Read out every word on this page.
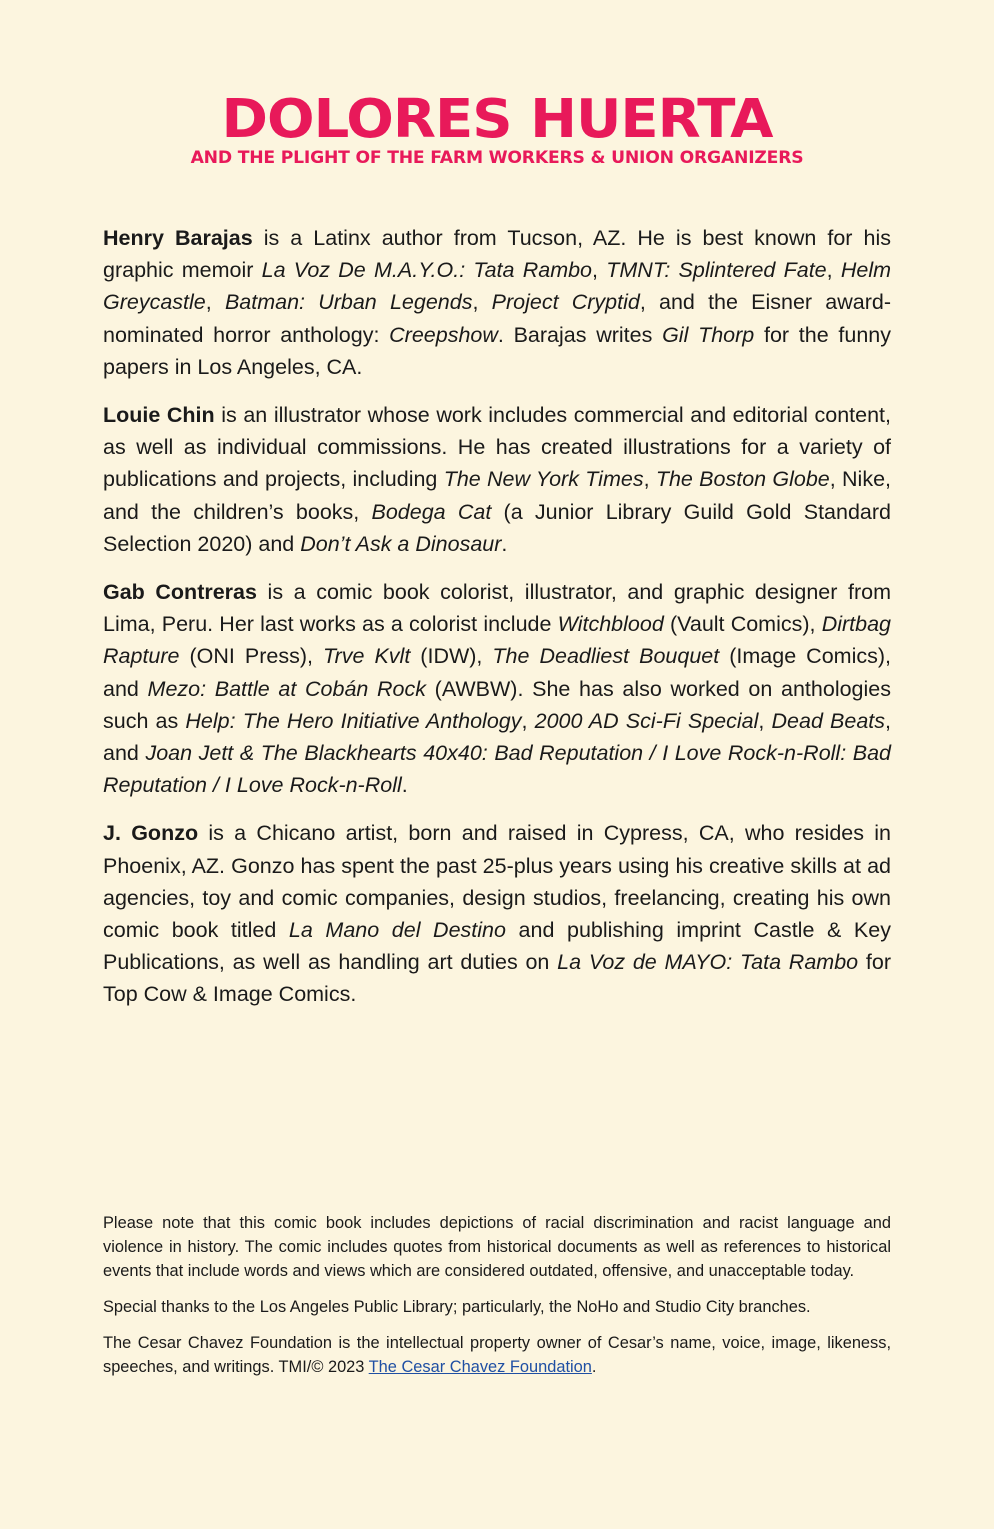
DOLORES HUERTA
AND THE PLIGHT OF THE FARM WORKERS & UNION ORGANIZERS

Henry Barajas is a Latinx author from Tucson, AZ. He is best known for his graphic memoir La Voz De M.A.Y.O.: Tata Rambo, TMNT: Splintered Fate, Helm Greycastle, Batman: Urban Legends, Project Cryptid, and the Eisner award-nominated horror anthology: Creepshow. Barajas writes Gil Thorp for the funny papers in Los Angeles, CA.

Louie Chin is an illustrator whose work includes commercial and editorial content, as well as individual commissions. He has created illustrations for a variety of publications and projects, including The New York Times, The Boston Globe, Nike, and the children’s books, Bodega Cat (a Junior Library Guild Gold Standard Selection 2020) and Don’t Ask a Dinosaur.

Gab Contreras is a comic book colorist, illustrator, and graphic designer from Lima, Peru. Her last works as a colorist include Witchblood (Vault Comics), Dirtbag Rapture (ONI Press), Trve Kvlt (IDW), The Deadliest Bouquet (Image Comics), and Mezo: Battle at Cobán Rock (AWBW). She has also worked on anthologies such as Help: The Hero Initiative Anthology, 2000 AD Sci-Fi Special, Dead Beats, and Joan Jett & The Blackhearts 40x40: Bad Reputation / I Love Rock-n-Roll: Bad Reputation / I Love Rock-n-Roll.

J. Gonzo is a Chicano artist, born and raised in Cypress, CA, who resides in Phoenix, AZ. Gonzo has spent the past 25-plus years using his creative skills at ad agencies, toy and comic companies, design studios, freelancing, creating his own comic book titled La Mano del Destino and publishing imprint Castle & Key Publications, as well as handling art duties on La Voz de MAYO: Tata Rambo for Top Cow & Image Comics.

Please note that this comic book includes depictions of racial discrimination and racist language and violence in history. The comic includes quotes from historical documents as well as references to historical events that include words and views which are considered outdated, offensive, and unacceptable today.

Special thanks to the Los Angeles Public Library; particularly, the NoHo and Studio City branches.

The Cesar Chavez Foundation is the intellectual property owner of Cesar’s name, voice, image, likeness, speeches, and writings. TMI/© 2023 The Cesar Chavez Foundation.
